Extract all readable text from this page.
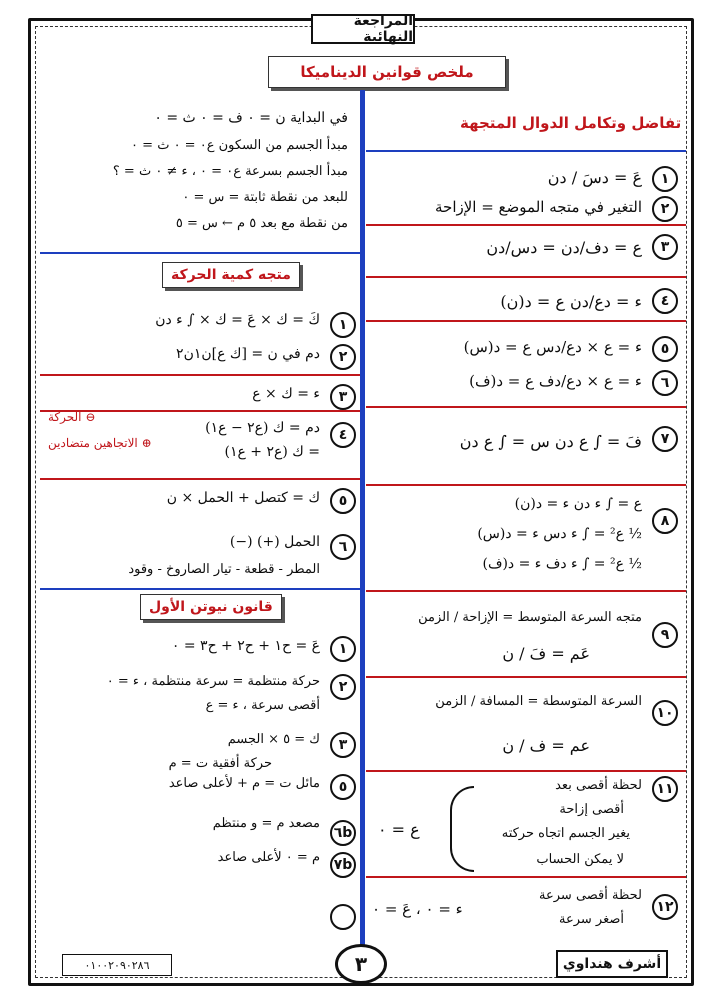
المراجعة النهائية
ملخص قوانين الديناميكا
تفاضل وتكامل الدوال المتجهة
١
عَ = دسَ / دن
٢
التغير في متجه الموضع = الإزاحة
٣
ع = دف/دن = دس/دن
٤
ء = دع/دن ع = د(ن)
٥
ء = ع × دع/دس ع = د(س)
٦
ء = ع × دع/دف ع = د(ف)
٧
فَ = ∫ ع دن س = ∫ ع دن
٨
ع = ∫ ء دن ء = د(ن)
½ ع² = ∫ ء دس ء = د(س)
½ ع² = ∫ ء دف ء = د(ف)
٩
متجه السرعة المتوسط = الإزاحة / الزمن
عَم = فَ / ن
١٠
السرعة المتوسطة = المسافة / الزمن
عم = ف / ن
١١
لحظة أقصى بعد
أقصى إزاحة
يغير الجسم اتجاه حركته
لا يمكن الحساب
ع = ٠
١٢
لحظة أقصى سرعة
أصغر سرعة
ء = ٠ ، عَ = ٠
في البداية ن = ٠ ف = ٠ ث = ٠
مبدأ الجسم من السكون ع٠ = ٠ ث = ٠
مبدأ الجسم بسرعة ع٠ = ٠ ، ء ≠ ٠ ث = ؟
للبعد من نقطة ثابتة = س = ٠
من نقطة مع بعد ٥ م ← س = ٥
متجه كمية الحركة
١
كَ = ك × عَ = ك × ∫ ء دن
٢
دم في ن = [ك ع]ن١ن٢
٣
ء = ك × ع
٤
دم = ك (ع٢ − ع١)
= ك (ع٢ + ع١)
⊖ الحركة
⊕ الاتجاهين متضادين
٥
ك = كتصل + الحمل × ن
٦
الحمل (+) (−)
المطر - قطعة - تيار الصاروخ - وقود
قانون نيوتن الأول
١
عَ = ح١ + ح٢ + ح٣ = ٠
٢
حركة منتظمة = سرعة منتظمة ، ء = ٠
أقصى سرعة ، ء = ع
٣
ك = ٥ × الجسم
حركة أفقية ت = م
٥
مائل ت = م + لأعلى صاعد
٦b
مصعد م = و منتظم
٧b
م = ٠ لأعلى صاعد
٣	أشرف هنداوي
٠١٠٠٢٠٩٠٢٨٦
